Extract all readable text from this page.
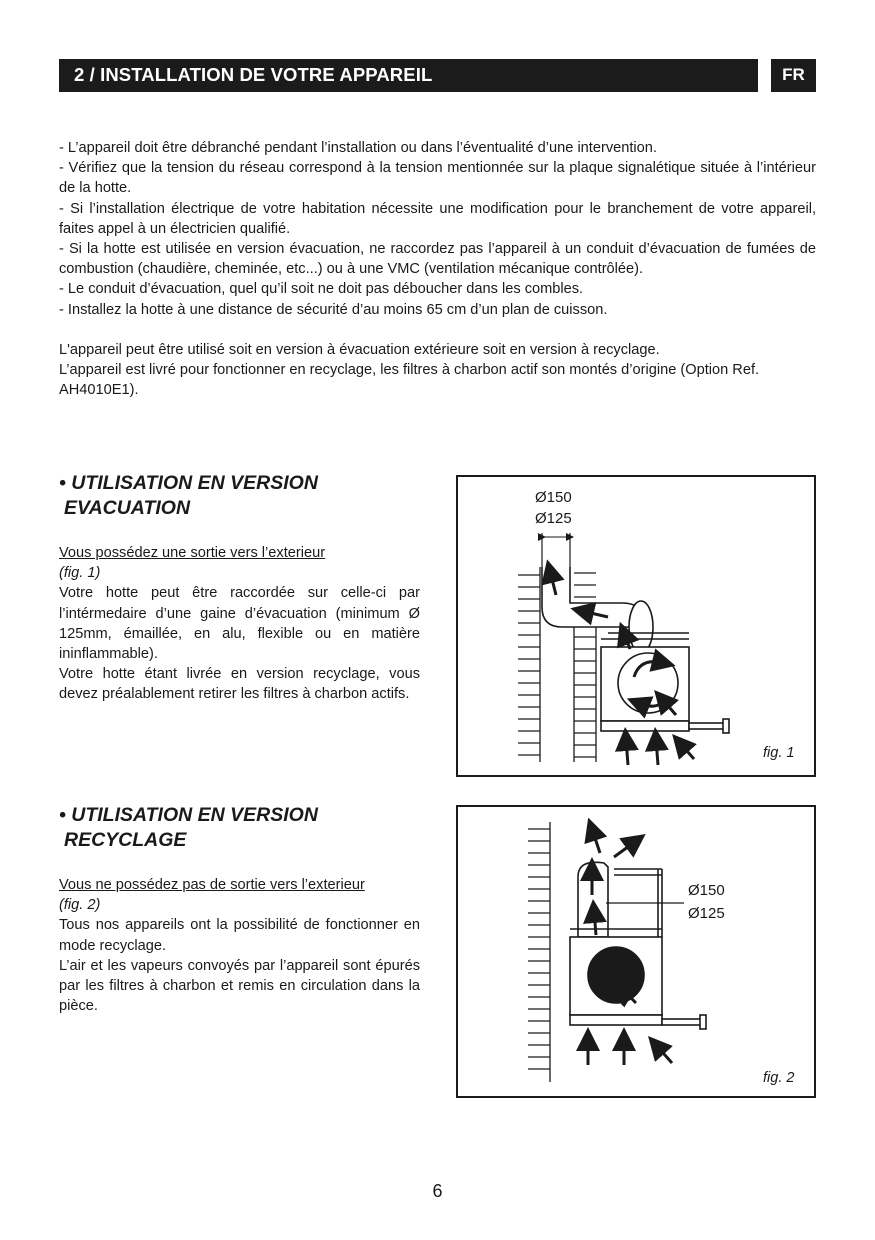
2 / INSTALLATION DE VOTRE APPAREIL	FR

- L’appareil doit être débranché pendant l’installation ou dans l’éventualité d’une intervention.

- Vérifiez que la tension du réseau correspond à la tension mentionnée sur la plaque signalétique située à l’intérieur de la hotte.

- Si l’installation électrique de votre habitation nécessite une modification pour le branchement de votre appareil, faites appel à un électricien qualifié.

- Si la hotte est utilisée en version évacuation, ne raccordez pas l’appareil à un conduit d’évacuation de fumées de combustion (chaudière, cheminée, etc...) ou à une VMC (ventilation mécanique contrôlée).

- Le conduit d’évacuation, quel qu’il soit ne doit pas déboucher dans les combles.

- Installez la hotte à une distance de sécurité d’au moins 65 cm d’un plan de cuisson.

L'appareil peut être utilisé soit en version à évacuation extérieure soit en version à recyclage.

L’appareil est livré pour fonctionner en recyclage, les filtres à charbon actif son montés d’origine (Option Ref. AH4010E1).

• UTILISATION EN VERSION
EVACUATION
Vous possédez une sortie vers l’exterieur
(fig. 1)
Votre hotte peut être raccordée sur celle-ci par l’intérmedaire d’une gaine d’évacuation (minimum Ø 125mm, émaillée, en alu, flexible ou en matière ininflammable).
Votre hotte étant livrée en version recyclage, vous devez préalablement retirer les filtres à charbon actifs.
Ø150
Ø125
fig. 1
• UTILISATION EN VERSION
RECYCLAGE
Vous ne possédez pas de sortie vers l’exterieur
(fig. 2)
Tous nos appareils ont la possibilité de fonctionner en mode recyclage.
L’air et les vapeurs convoyés par l’appareil sont épurés par les filtres à charbon et remis en circulation dans la pièce.
Ø150
Ø125
fig. 2
6
